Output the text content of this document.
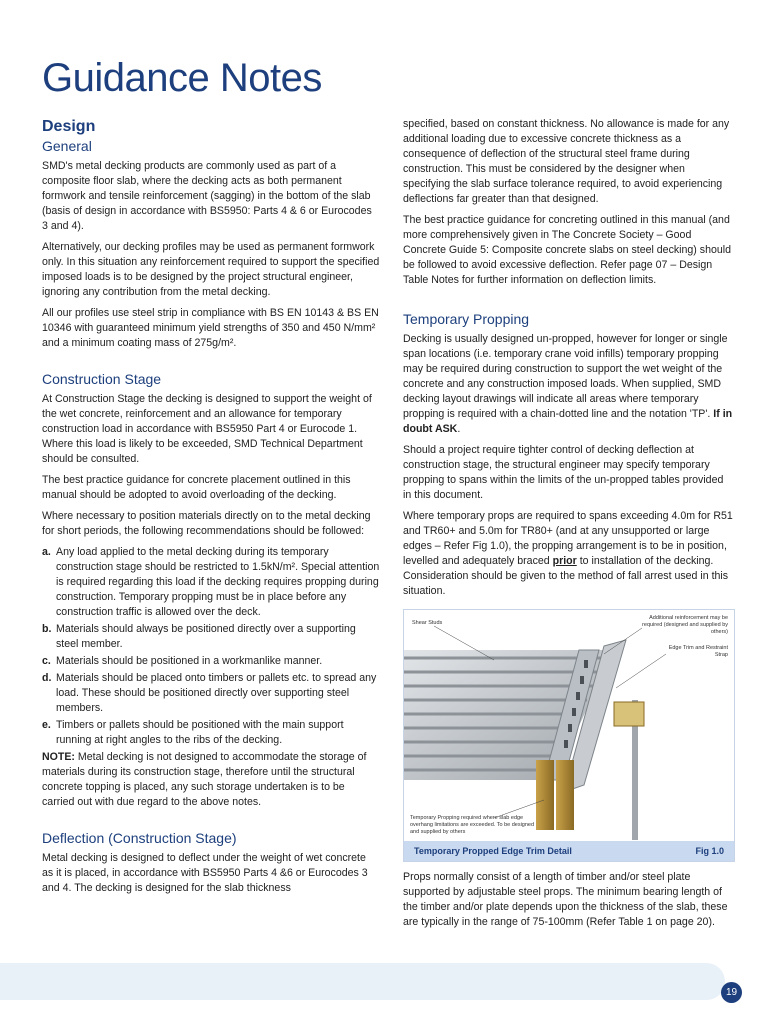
Guidance Notes
Design
General

SMD's metal decking products are commonly used as part of a composite floor slab, where the decking acts as both permanent formwork and tensile reinforcement (sagging) in the bottom of the slab (basis of design in accordance with BS5950: Parts 4 & 6 or Eurocodes 3 and 4).

Alternatively, our decking profiles may be used as permanent formwork only. In this situation any reinforcement required to support the specified imposed loads is to be designed by the project structural engineer, ignoring any contribution from the metal decking.

All our profiles use steel strip in compliance with BS EN 10143 & BS EN 10346 with guaranteed minimum yield strengths of 350 and 450 N/mm² and a minimum coating mass of 275g/m².

Construction Stage

At Construction Stage the decking is designed to support the weight of the wet concrete, reinforcement and an allowance for temporary construction load in accordance with BS5950 Part 4 or Eurocode 1. Where this load is likely to be exceeded, SMD Technical Department should be consulted.

The best practice guidance for concrete placement outlined in this manual should be adopted to avoid overloading of the decking.

Where necessary to position materials directly on to the metal decking for short periods, the following recommendations should be followed:

a. Any load applied to the metal decking during its temporary construction stage should be restricted to 1.5kN/m². Special attention is required regarding this load if the decking requires propping during construction. Temporary propping must be in place before any construction traffic is allowed over the deck.
b. Materials should always be positioned directly over a supporting steel member.
c. Materials should be positioned in a workmanlike manner.
d. Materials should be placed onto timbers or pallets etc. to spread any load. These should be positioned directly over supporting steel members.
e. Timbers or pallets should be positioned with the main support running at right angles to the ribs of the decking.

NOTE: Metal decking is not designed to accommodate the storage of materials during its construction stage, therefore until the structural concrete topping is placed, any such storage undertaken is to be carried out with due regard to the above notes.

Deflection (Construction Stage)

Metal decking is designed to deflect under the weight of wet concrete as it is placed, in accordance with BS5950 Parts 4 &6 or Eurocodes 3 and 4. The decking is designed for the slab thickness

specified, based on constant thickness. No allowance is made for any additional loading due to excessive concrete thickness as a consequence of deflection of the structural steel frame during construction. This must be considered by the designer when specifying the slab surface tolerance required, to avoid experiencing deflections far greater than that designed.

The best practice guidance for concreting outlined in this manual (and more comprehensively given in The Concrete Society – Good Concrete Guide 5: Composite concrete slabs on steel decking) should be followed to avoid excessive deflection. Refer page 07 – Design Table Notes for further information on deflection limits.

Temporary Propping

Decking is usually designed un-propped, however for longer or single span locations (i.e. temporary crane void infills) temporary propping may be required during construction to support the wet weight of the concrete and any construction imposed loads. When supplied, SMD decking layout drawings will indicate all areas where temporary propping is required with a chain-dotted line and the notation 'TP'. If in doubt ASK.

Should a project require tighter control of decking deflection at construction stage, the structural engineer may specify temporary propping to spans within the limits of the un-propped tables provided in this document.

Where temporary props are required to spans exceeding 4.0m for R51 and TR60+ and 5.0m for TR80+ (and at any unsupported or large edges – Refer Fig 1.0), the propping arrangement is to be in position, levelled and adequately braced prior to installation of the decking. Consideration should be given to the method of fall arrest used in this situation.

Shear Studs
Additional reinforcement may be required (designed and supplied by others)
Edge Trim and Restraint Strap
Temporary Propping required where slab edge overhang limitations are exceeded. To be designed and supplied by others
Temporary Propped Edge Trim Detail	Fig 1.0

Props normally consist of a length of timber and/or steel plate supported by adjustable steel props. The minimum bearing length of the timber and/or plate depends upon the thickness of the slab, these are typically in the range of 75-100mm (Refer Table 1 on page 20).

19
